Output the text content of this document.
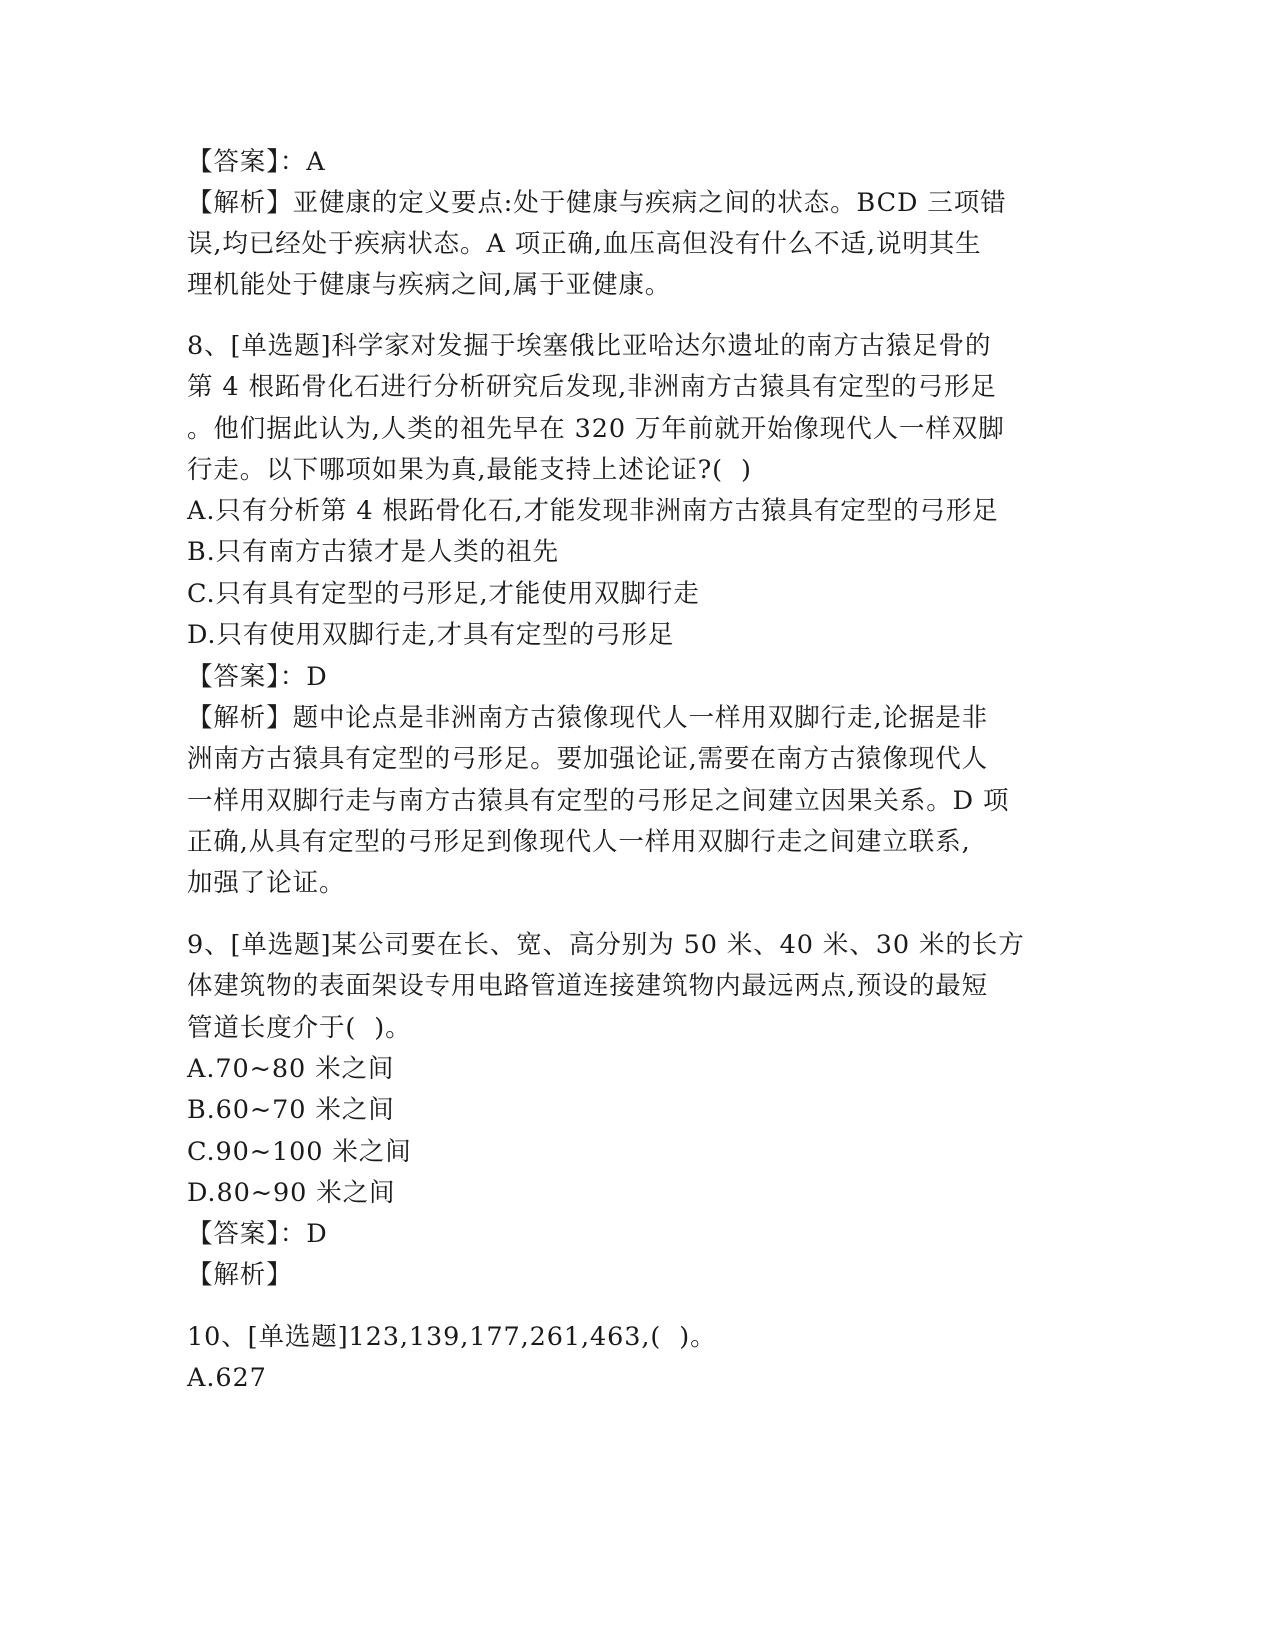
【答案】：A
【解析】亚健康的定义要点:处于健康与疾病之间的状态。BCD 三项错
误,均已经处于疾病状态。A 项正确,血压高但没有什么不适,说明其生
理机能处于健康与疾病之间,属于亚健康。
8、[单选题]科学家对发掘于埃塞俄比亚哈达尔遗址的南方古猿足骨的
第 4 根跖骨化石进行分析研究后发现,非洲南方古猿具有定型的弓形足
。他们据此认为,人类的祖先早在 320 万年前就开始像现代人一样双脚
行走。以下哪项如果为真,最能支持上述论证?(  )
A.只有分析第 4 根跖骨化石,才能发现非洲南方古猿具有定型的弓形足
B.只有南方古猿才是人类的祖先
C.只有具有定型的弓形足,才能使用双脚行走
D.只有使用双脚行走,才具有定型的弓形足
【答案】：D
【解析】题中论点是非洲南方古猿像现代人一样用双脚行走,论据是非
洲南方古猿具有定型的弓形足。要加强论证,需要在南方古猿像现代人
一样用双脚行走与南方古猿具有定型的弓形足之间建立因果关系。D 项
正确,从具有定型的弓形足到像现代人一样用双脚行走之间建立联系,
加强了论证。
9、[单选题]某公司要在长、宽、高分别为 50 米、40 米、30 米的长方
体建筑物的表面架设专用电路管道连接建筑物内最远两点,预设的最短
管道长度介于(  )。
A.70~80 米之间
B.60~70 米之间
C.90~100 米之间
D.80~90 米之间
【答案】：D
【解析】
10、[单选题]123,139,177,261,463,(  )。
A.627
